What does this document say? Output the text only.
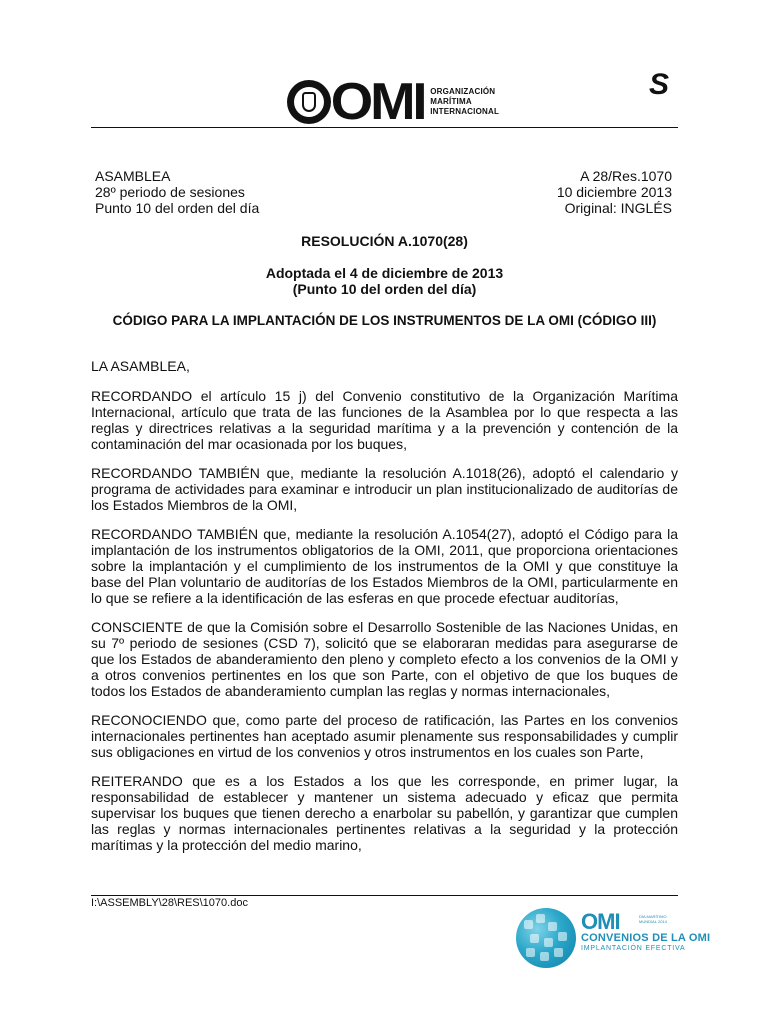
OMI ORGANIZACIÓN
MARÍTIMA
INTERNACIONAL
S
ASAMBLEA
28º periodo de sesiones
Punto 10 del orden del día
A 28/Res.1070
10 diciembre 2013
Original: INGLÉS
RESOLUCIÓN A.1070(28)
Adoptada el 4 de diciembre de 2013
(Punto 10 del orden del día)
CÓDIGO PARA LA IMPLANTACIÓN DE LOS INSTRUMENTOS DE LA OMI (CÓDIGO III)
LA ASAMBLEA,
RECORDANDO el artículo 15 j) del Convenio constitutivo de la Organización Marítima Internacional, artículo que trata de las funciones de la Asamblea por lo que respecta a las reglas y directrices relativas a la seguridad marítima y a la prevención y contención de la contaminación del mar ocasionada por los buques,
RECORDANDO TAMBIÉN que, mediante la resolución A.1018(26), adoptó el calendario y programa de actividades para examinar e introducir un plan institucionalizado de auditorías de los Estados Miembros de la OMI,
RECORDANDO TAMBIÉN que, mediante la resolución A.1054(27), adoptó el Código para la implantación de los instrumentos obligatorios de la OMI, 2011, que proporciona orientaciones sobre la implantación y el cumplimiento de los instrumentos de la OMI y que constituye la base del Plan voluntario de auditorías de los Estados Miembros de la OMI, particularmente en lo que se refiere a la identificación de las esferas en que procede efectuar auditorías,
CONSCIENTE de que la Comisión sobre el Desarrollo Sostenible de las Naciones Unidas, en su 7º periodo de sesiones (CSD 7), solicitó que se elaboraran medidas para asegurarse de que los Estados de abanderamiento den pleno y completo efecto a los convenios de la OMI y a otros convenios pertinentes en los que son Parte, con el objetivo de que los buques de todos los Estados de abanderamiento cumplan las reglas y normas internacionales,
RECONOCIENDO que, como parte del proceso de ratificación, las Partes en los convenios internacionales pertinentes han aceptado asumir plenamente sus responsabilidades y cumplir sus obligaciones en virtud de los convenios y otros instrumentos en los cuales son Parte,
REITERANDO que es a los Estados a los que les corresponde, en primer lugar, la responsabilidad de establecer y mantener un sistema adecuado y eficaz que permita supervisar los buques que tienen derecho a enarbolar su pabellón, y garantizar que cumplen las reglas y normas internacionales pertinentes relativas a la seguridad y la protección marítimas y la protección del medio marino,
I:\ASSEMBLY\28\RES\1070.doc
OMI	DÍA MARÍTIMO MUNDIAL 2014
CONVENIOS DE LA OMI
IMPLANTACIÓN EFECTIVA
